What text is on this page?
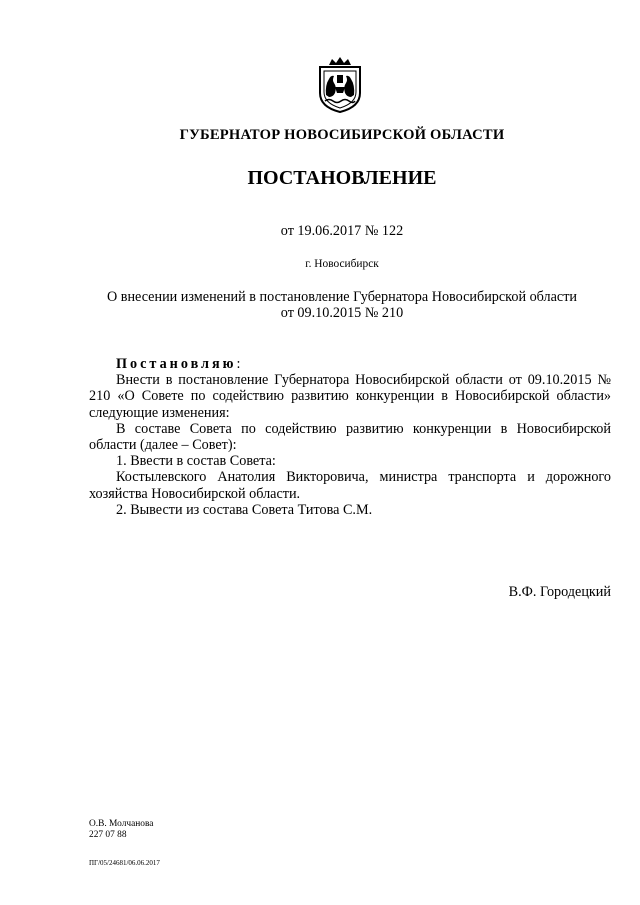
ГУБЕРНАТОР НОВОСИБИРСКОЙ ОБЛАСТИ
ПОСТАНОВЛЕНИЕ
от 19.06.2017 № 122
г. Новосибирск
О внесении изменений в постановление Губернатора Новосибирской области
от 09.10.2015 № 210

Постановляю:

Внести в постановление Губернатора Новосибирской области от 09.10.2015 № 210 «О Совете по содействию развитию конкуренции в Новосибирской области» следующие изменения:

В составе Совета по содействию развитию конкуренции в Новосибирской области (далее – Совет):

1. Ввести в состав Совета:

Костылевского Анатолия Викторовича, министра транспорта и дорожного хозяйства Новосибирской области.

2. Вывести из состава Совета Титова С.М.

В.Ф. Городецкий
О.В. Молчанова
227 07 88
ПГ/05/24681/06.06.2017
